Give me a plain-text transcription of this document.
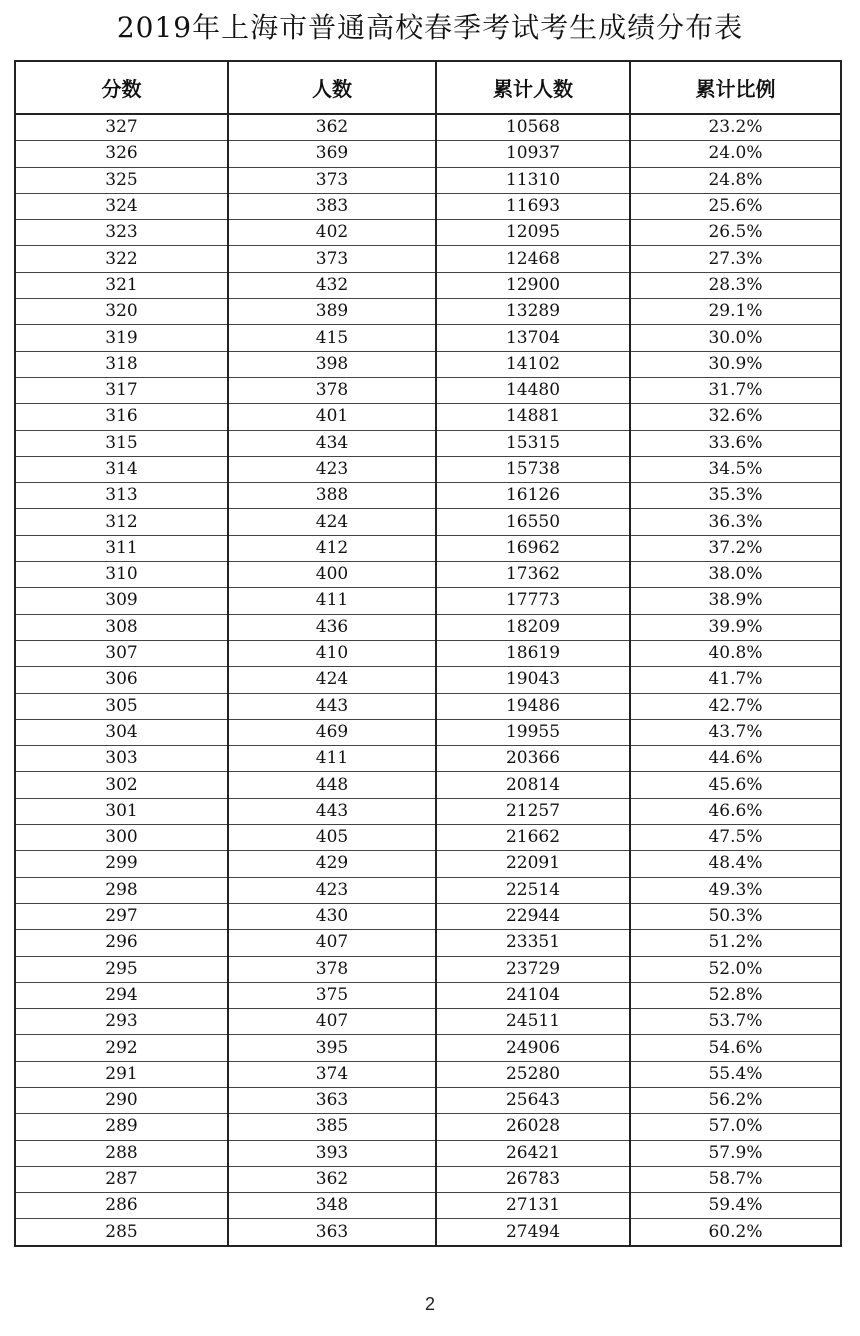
2019年上海市普通高校春季考试考生成绩分布表
分数	人数	累计人数	累计比例
327	362	10568	23.2%
326	369	10937	24.0%
325	373	11310	24.8%
324	383	11693	25.6%
323	402	12095	26.5%
322	373	12468	27.3%
321	432	12900	28.3%
320	389	13289	29.1%
319	415	13704	30.0%
318	398	14102	30.9%
317	378	14480	31.7%
316	401	14881	32.6%
315	434	15315	33.6%
314	423	15738	34.5%
313	388	16126	35.3%
312	424	16550	36.3%
311	412	16962	37.2%
310	400	17362	38.0%
309	411	17773	38.9%
308	436	18209	39.9%
307	410	18619	40.8%
306	424	19043	41.7%
305	443	19486	42.7%
304	469	19955	43.7%
303	411	20366	44.6%
302	448	20814	45.6%
301	443	21257	46.6%
300	405	21662	47.5%
299	429	22091	48.4%
298	423	22514	49.3%
297	430	22944	50.3%
296	407	23351	51.2%
295	378	23729	52.0%
294	375	24104	52.8%
293	407	24511	53.7%
292	395	24906	54.6%
291	374	25280	55.4%
290	363	25643	56.2%
289	385	26028	57.0%
288	393	26421	57.9%
287	362	26783	58.7%
286	348	27131	59.4%
285	363	27494	60.2%
2
